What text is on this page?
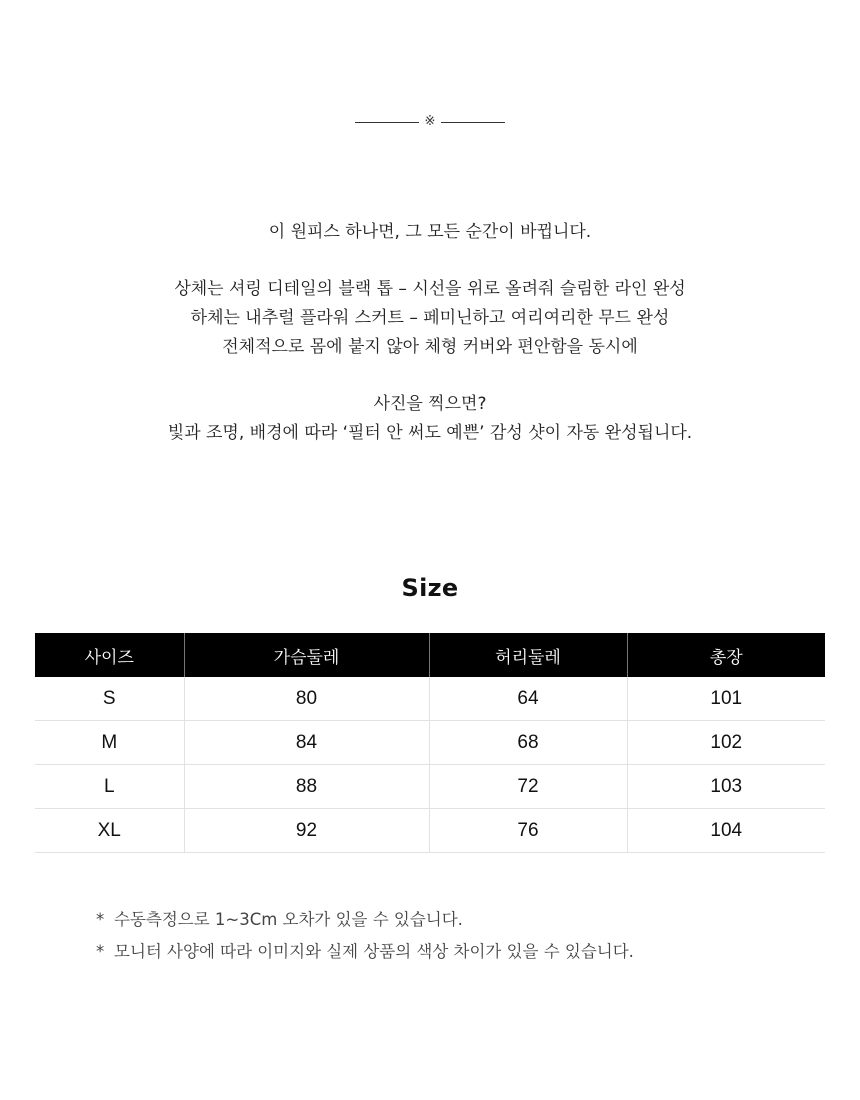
※

이 원피스 하나면, 그 모든 순간이 바뀝니다.

상체는 셔링 디테일의 블랙 톱 – 시선을 위로 올려줘 슬림한 라인 완성

하체는 내추럴 플라워 스커트 – 페미닌하고 여리여리한 무드 완성

전체적으로 몸에 붙지 않아 체형 커버와 편안함을 동시에

사진을 찍으면?

빛과 조명, 배경에 따라 ‘필터 안 써도 예쁜’ 감성 샷이 자동 완성됩니다.

Size
사이즈	가슴둘레	허리둘레	총장
S	80	64	101
M	84	68	102
L	88	72	103
XL	92	76	104
* 수동측정으로 1~3Cm 오차가 있을 수 있습니다.
* 모니터 사양에 따라 이미지와 실제 상품의 색상 차이가 있을 수 있습니다.
